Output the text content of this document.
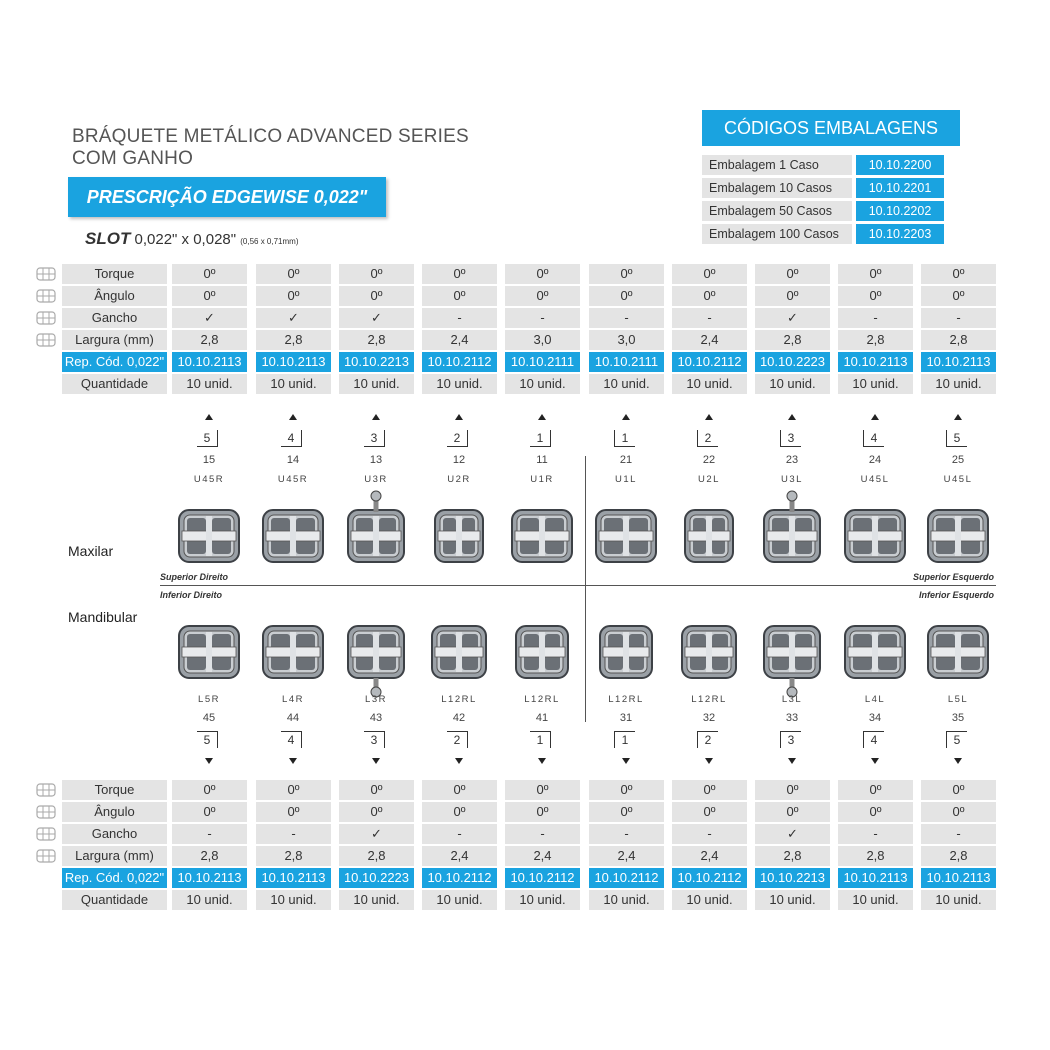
BRÁQUETE METÁLICO ADVANCED SERIES
COM GANHO
PRESCRIÇÃO EDGEWISE 0,022"
SLOT 0,022" x 0,028" (0,56 x 0,71mm)
CÓDIGOS EMBALAGENS
Embalagem 1 Caso	10.10.2200
Embalagem 10 Casos	10.10.2201
Embalagem 50 Casos	10.10.2202
Embalagem 100 Casos	10.10.2203
Torque	0º	0º	0º	0º	0º	0º	0º	0º	0º	0º
Ângulo	0º	0º	0º	0º	0º	0º	0º	0º	0º	0º
Gancho	✓	✓	✓	-	-	-	-	✓	-	-
Largura (mm)	2,8	2,8	2,8	2,4	3,0	3,0	2,4	2,8	2,8	2,8
Rep. Cód. 0,022"	10.10.2113	10.10.2113	10.10.2213	10.10.2112	10.10.2111	10.10.2111	10.10.2112	10.10.2223	10.10.2113	10.10.2113
Quantidade	10 unid.	10 unid.	10 unid.	10 unid.	10 unid.	10 unid.	10 unid.	10 unid.	10 unid.	10 unid.
Torque	0º	0º	0º	0º	0º	0º	0º	0º	0º	0º
Ângulo	0º	0º	0º	0º	0º	0º	0º	0º	0º	0º
Gancho	-	-	✓	-	-	-	-	✓	-	-
Largura (mm)	2,8	2,8	2,8	2,4	2,4	2,4	2,4	2,8	2,8	2,8
Rep. Cód. 0,022"	10.10.2113	10.10.2113	10.10.2223	10.10.2112	10.10.2112	10.10.2112	10.10.2112	10.10.2213	10.10.2113	10.10.2113
Quantidade	10 unid.	10 unid.	10 unid.	10 unid.	10 unid.	10 unid.	10 unid.	10 unid.	10 unid.	10 unid.
5
15
U45R
4
14
U45R
3
13
U3R
2
12
U2R
1
11
U1R
1
21
U1L
2
22
U2L
3
23
U3L
4
24
U45L
5
25
U45L
L5R
45
5
L4R
44
4
L3R
43
3
L12RL
42
2
L12RL
41
1
L12RL
31
1
L12RL
32
2
L3L
33
3
L4L
34
4
L5L
35
5
Maxilar
Mandibular
Superior Direito
Inferior Direito
Superior Esquerdo
Inferior Esquerdo
